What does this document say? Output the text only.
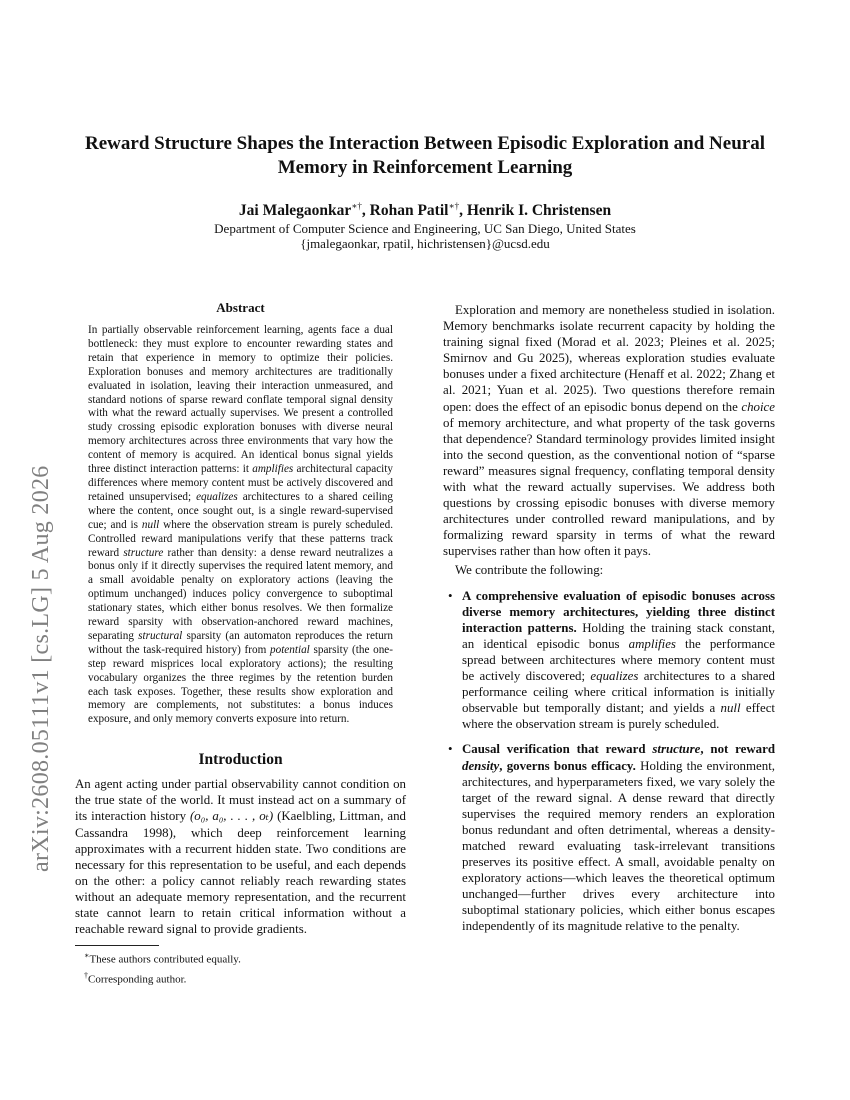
Reward Structure Shapes the Interaction Between Episodic Exploration and Neural Memory in Reinforcement Learning
Jai Malegaonkar∗†, Rohan Patil∗†, Henrik I. Christensen
Department of Computer Science and Engineering, UC San Diego, United States
{jmalegaonkar, rpatil, hichristensen}@ucsd.edu
arXiv:2608.05111v1 [cs.LG] 5 Aug 2026
Abstract

In partially observable reinforcement learning, agents face a dual bottleneck: they must explore to encounter rewarding states and retain that experience in memory to optimize their policies. Exploration bonuses and memory architectures are traditionally evaluated in isolation, leaving their interaction unmeasured, and standard notions of sparse reward conflate temporal signal density with what the reward actually supervises. We present a controlled study crossing episodic exploration bonuses with diverse neural memory architectures across three environments that vary how the content of memory is acquired. An identical bonus signal yields three distinct interaction patterns: it amplifies architectural capacity differences where memory content must be actively discovered and retained unsupervised; equalizes architectures to a shared ceiling where the content, once sought out, is a single reward-supervised cue; and is null where the observation stream is purely scheduled. Controlled reward manipulations verify that these patterns track reward structure rather than density: a dense reward neutralizes a bonus only if it directly supervises the required latent memory, and a small avoidable penalty on exploratory actions (leaving the optimum unchanged) induces policy convergence to suboptimal stationary states, which either bonus resolves. We then formalize reward sparsity with observation-anchored reward machines, separating structural sparsity (an automaton reproduces the return without the task-required history) from potential sparsity (the one-step reward misprices local exploratory actions); the resulting vocabulary organizes the three regimes by the retention burden each task exposes. Together, these results show exploration and memory are complements, not substitutes: a bonus induces exposure, and only memory converts exposure into return.

Introduction

An agent acting under partial observability cannot condition on the true state of the world. It must instead act on a summary of its interaction history (o₀, a₀, . . . , oₜ) (Kaelbling, Littman, and Cassandra 1998), which deep reinforcement learning approximates with a recurrent hidden state. Two conditions are necessary for this representation to be useful, and each depends on the other: a policy cannot reliably reach rewarding states without an adequate memory representation, and the recurrent state cannot learn to retain critical information without a reachable reward signal to provide gradients.

Exploration and memory are nonetheless studied in isolation. Memory benchmarks isolate recurrent capacity by holding the training signal fixed (Morad et al. 2023; Pleines et al. 2025; Smirnov and Gu 2025), whereas exploration studies evaluate bonuses under a fixed architecture (Henaff et al. 2022; Zhang et al. 2021; Yuan et al. 2025). Two questions therefore remain open: does the effect of an episodic bonus depend on the choice of memory architecture, and what property of the task governs that dependence? Standard terminology provides limited insight into the second question, as the conventional notion of “sparse reward” measures signal frequency, conflating temporal density with what the reward actually supervises. We address both questions by crossing episodic bonuses with diverse memory architectures under controlled reward manipulations, and by formalizing reward sparsity in terms of what the reward supervises rather than how often it pays.

We contribute the following:

• A comprehensive evaluation of episodic bonuses across diverse memory architectures, yielding three distinct interaction patterns. Holding the training stack constant, an identical episodic bonus amplifies the performance spread between architectures where memory content must be actively discovered; equalizes architectures to a shared performance ceiling where critical information is initially observable but temporally distant; and yields a null effect where the observation stream is purely scheduled.
• Causal verification that reward structure, not reward density, governs bonus efficacy. Holding the environment, architectures, and hyperparameters fixed, we vary solely the target of the reward signal. A dense reward that directly supervises the required memory renders an exploration bonus redundant and often detrimental, whereas a density-matched reward evaluating task-irrelevant transitions preserves its positive effect. A small, avoidable penalty on exploratory actions—which leaves the theoretical optimum unchanged—further drives every architecture into suboptimal stationary policies, which either bonus escapes independently of its magnitude relative to the penalty.
∗These authors contributed equally.
†Corresponding author.
